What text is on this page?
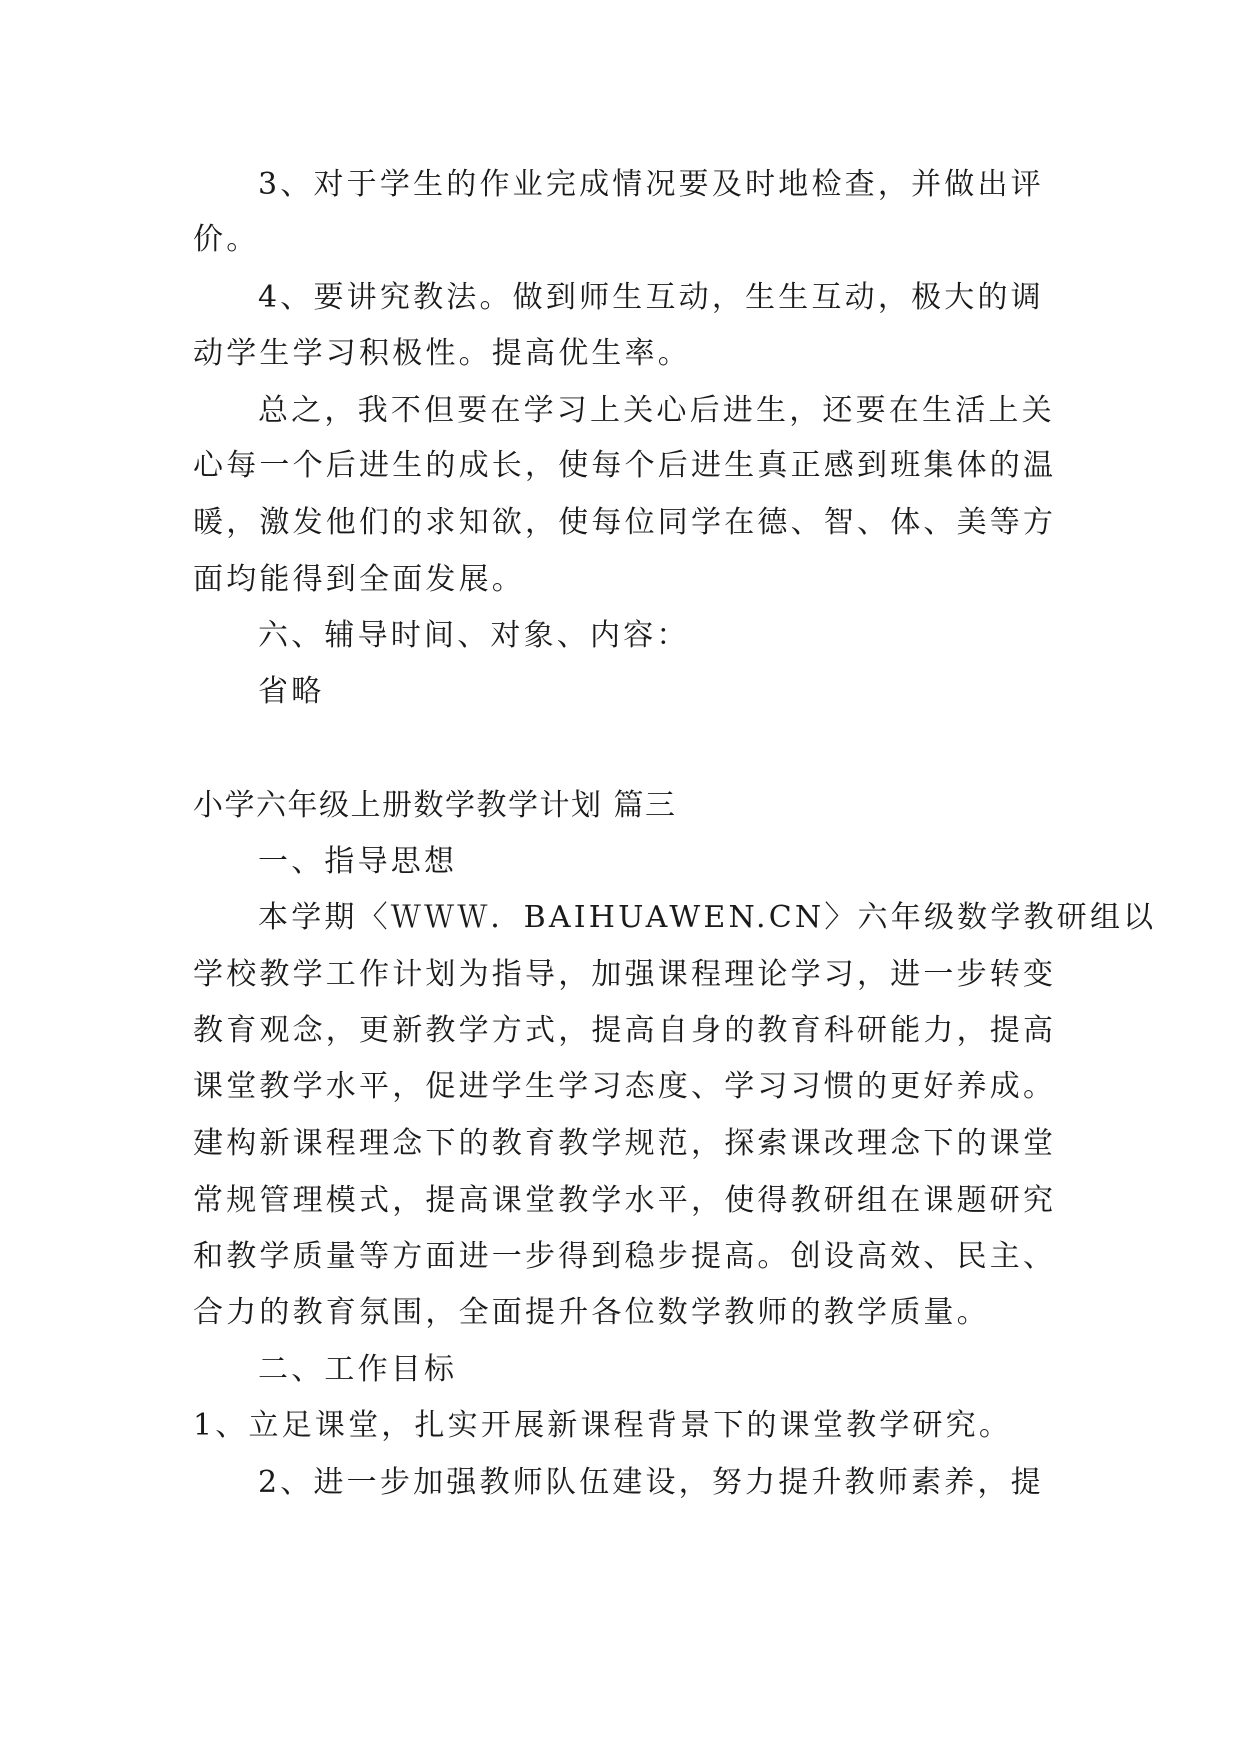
3、对于学生的作业完成情况要及时地检查，并做出评
价。
4、要讲究教法。做到师生互动，生生互动，极大的调
动学生学习积极性。提高优生率。
总之，我不但要在学习上关心后进生，还要在生活上关
心每一个后进生的成长，使每个后进生真正感到班集体的温
暖，激发他们的求知欲，使每位同学在德、智、体、美等方
面均能得到全面发展。
六、辅导时间、对象、内容：
省略
小学六年级上册数学教学计划 篇三
一、指导思想
本学期〈ＷＷＷ．BAIHUAWEN.CN〉六年级数学教研组以
学校教学工作计划为指导，加强课程理论学习，进一步转变
教育观念，更新教学方式，提高自身的教育科研能力，提高
课堂教学水平，促进学生学习态度、学习习惯的更好养成。
建构新课程理念下的教育教学规范，探索课改理念下的课堂
常规管理模式，提高课堂教学水平，使得教研组在课题研究
和教学质量等方面进一步得到稳步提高。创设高效、民主、
合力的教育氛围，全面提升各位数学教师的教学质量。
二、工作目标
1、立足课堂，扎实开展新课程背景下的课堂教学研究。
2、进一步加强教师队伍建设，努力提升教师素养，提
